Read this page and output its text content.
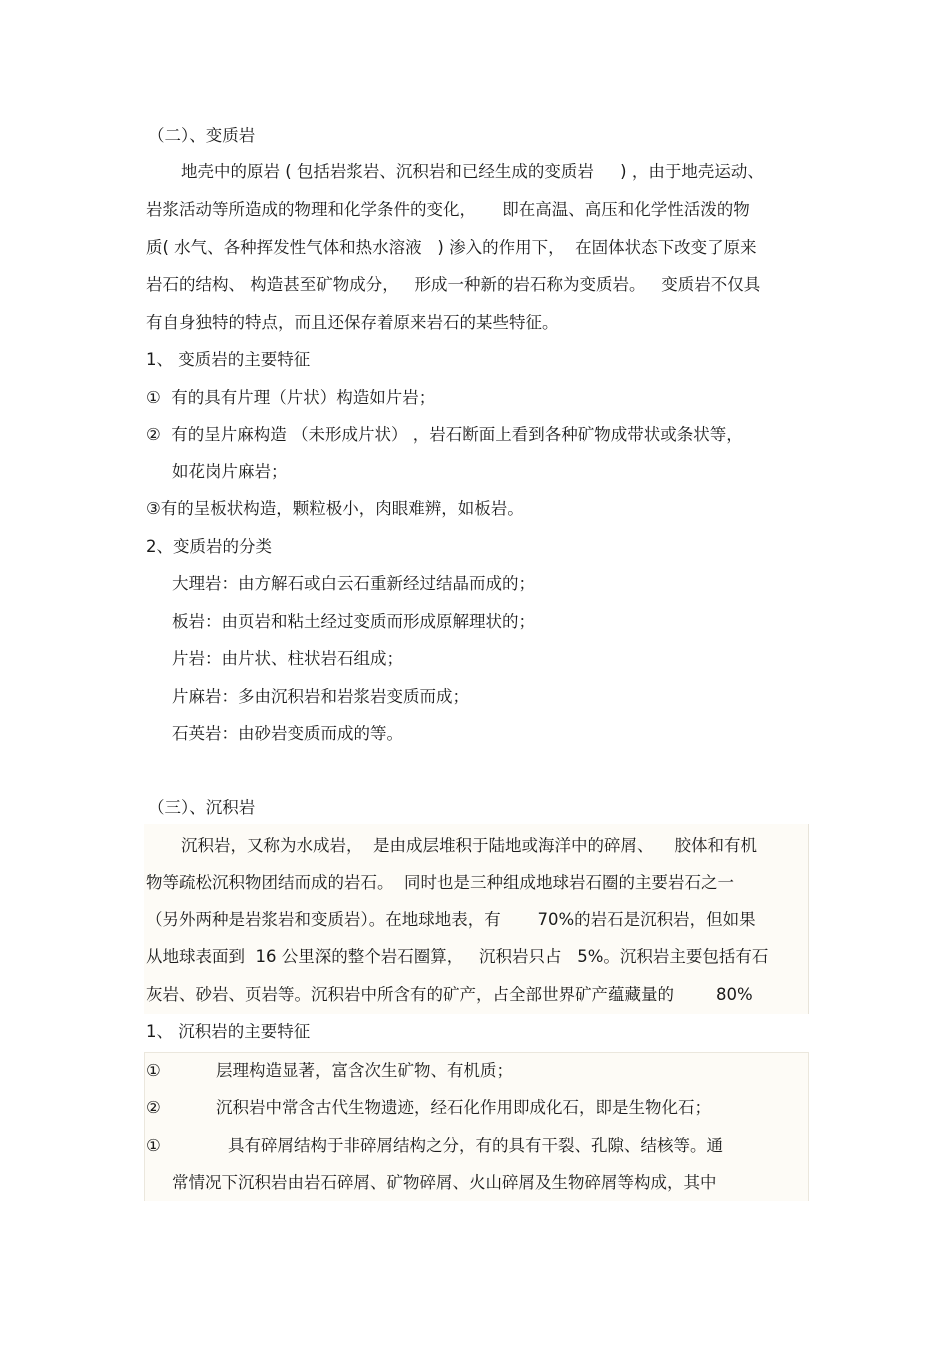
（二）、变质岩
地壳中的原岩 ( 包括岩浆岩、沉积岩和已经生成的变质岩     ) ，由于地壳运动、
岩浆活动等所造成的物理和化学条件的变化，     即在高温、高压和化学性活泼的物
质( 水气、各种挥发性气体和热水溶液   ) 渗入的作用下，  在固体状态下改变了原来
岩石的结构、 构造甚至矿物成分，   形成一种新的岩石称为变质岩。   变质岩不仅具
有自身独特的特点，而且还保存着原来岩石的某些特征。
1、 变质岩的主要特征
①  有的具有片理（片状）构造如片岩；
②  有的呈片麻构造 （未形成片状） ，岩石断面上看到各种矿物成带状或条状等，
如花岗片麻岩；
③有的呈板状构造，颗粒极小，肉眼难辨，如板岩。
2、变质岩的分类
大理岩：由方解石或白云石重新经过结晶而成的；
板岩：由页岩和粘土经过变质而形成原解理状的；
片岩：由片状、柱状岩石组成；
片麻岩：多由沉积岩和岩浆岩变质而成；
石英岩：由砂岩变质而成的等。
（三）、沉积岩
沉积岩，又称为水成岩，  是由成层堆积于陆地或海洋中的碎屑、    胶体和有机
物等疏松沉积物团结而成的岩石。  同时也是三种组成地球岩石圈的主要岩石之一
（另外两种是岩浆岩和变质岩）。在地球地表，有       70%的岩石是沉积岩，但如果
从地球表面到  16 公里深的整个岩石圈算，   沉积岩只占   5%。沉积岩主要包括有石
灰岩、砂岩、页岩等。沉积岩中所含有的矿产，占全部世界矿产蕴藏量的        80%
1、 沉积岩的主要特征
①	层理构造显著，富含次生矿物、有机质；
②	沉积岩中常含古代生物遗迹，经石化作用即成化石，即是生物化石；
①	具有碎屑结构于非碎屑结构之分，有的具有干裂、孔隙、结核等。通
常情况下沉积岩由岩石碎屑、矿物碎屑、火山碎屑及生物碎屑等构成，其中
